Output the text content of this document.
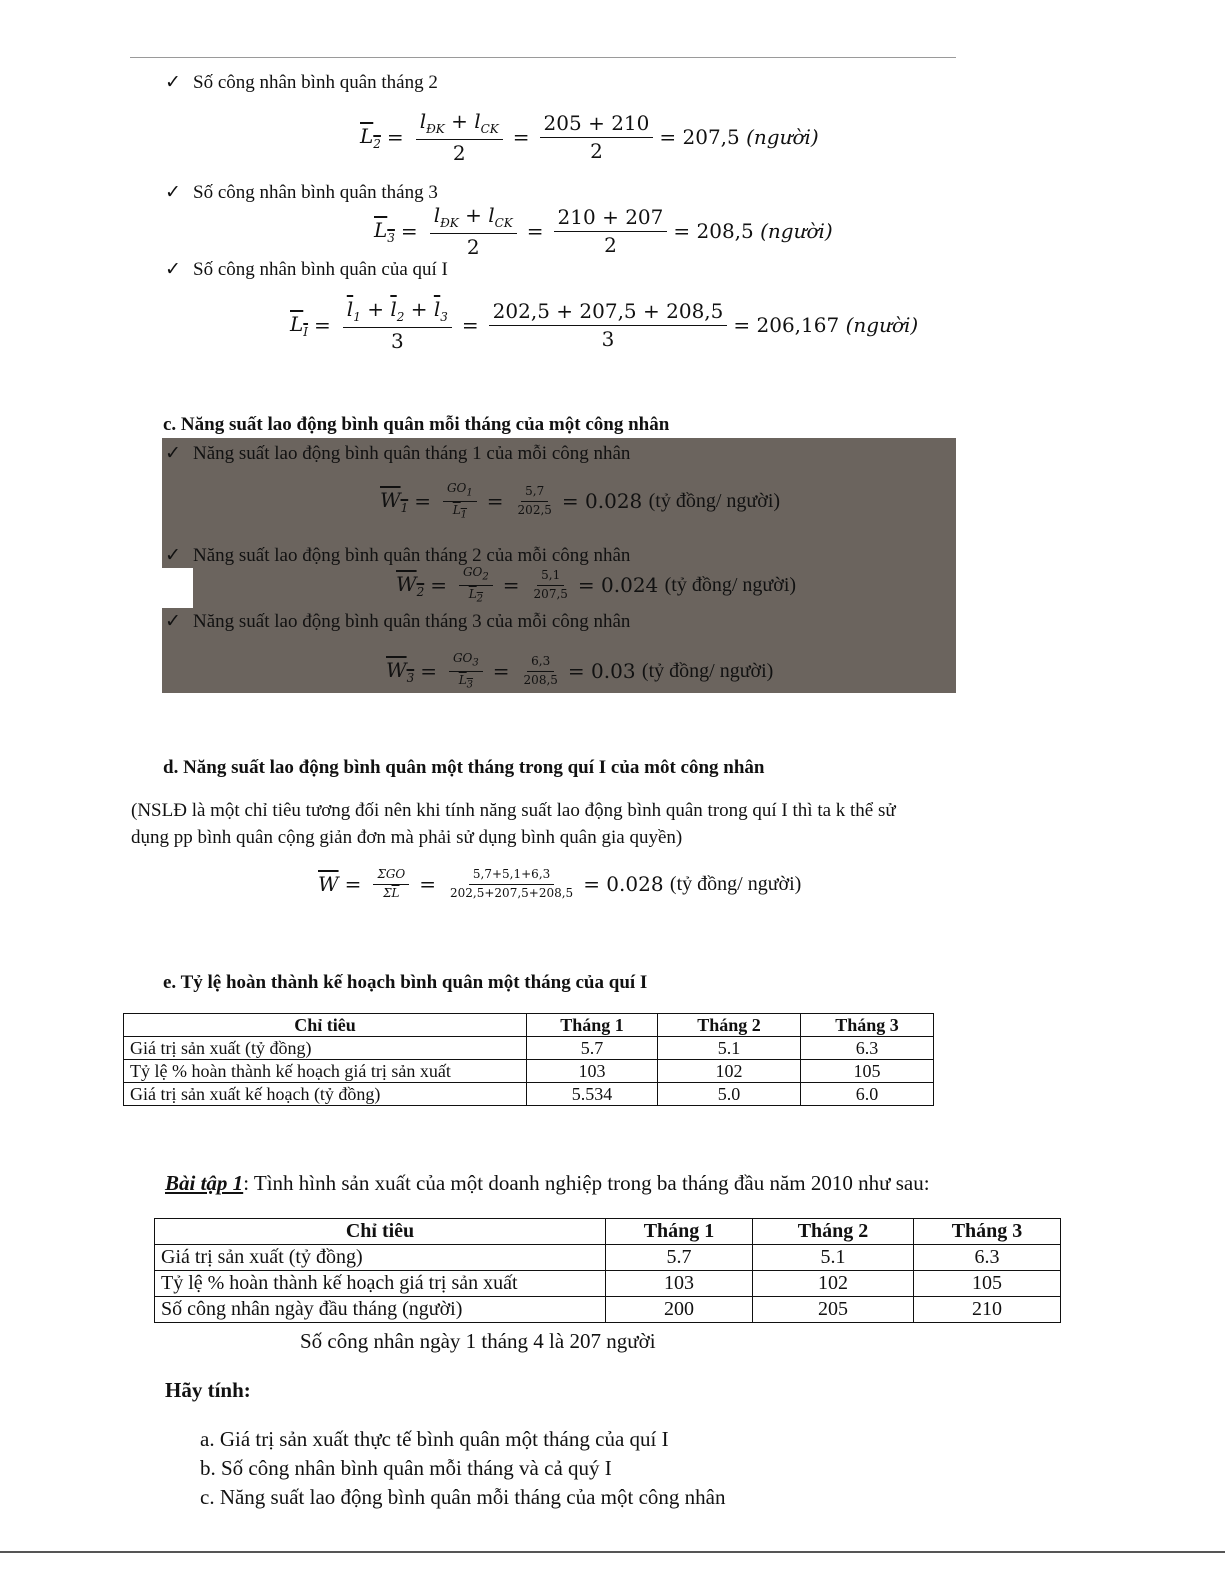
✓ Số công nhân bình quân tháng 2
$L_2 = \frac{l_{ĐK} + l_{CK}}{2} = \frac{205 + 210}{2} = 207,5$
(người)
✓ Số công nhân bình quân tháng 3
$L_3 = \frac{l_{ĐK} + l_{CK}}{2} = \frac{210 + 207}{2} = 208,5$
(người)
✓ Số công nhân bình quân của quí I
$L_I = \frac{\overline{l}_1 + \overline{l}_2 + \overline{l}_3}{3} = \frac{202,5 + 207,5 + 208,5}{3} = 206,167$
(người)
c. Năng suất lao động bình quân mỗi tháng của một công nhân
✓ Năng suất lao động bình quân tháng 1 của mỗi công nhân
$W_1 = \frac{GO_1}{L_1} = \frac{5,7}{202,5} = 0.028$
(tỷ đồng/ người)
✓ Năng suất lao động bình quân tháng 2 của mỗi công nhân
$W_2 = \frac{GO_2}{L_2} = \frac{5,1}{207,5} = 0.024$
(tỷ đồng/ người)
✓ Năng suất lao động bình quân tháng 3 của mỗi công nhân
$W_3 = \frac{GO_3}{L_3} = \frac{6,3}{208,5} = 0.03$
(tỷ đồng/ người)
d. Năng suất lao động bình quân một tháng trong quí I của môt công nhân
(NSLĐ là một chỉ tiêu tương đối nên khi tính năng suất lao động bình quân trong quí I thì ta k thể sử
dụng pp bình quân cộng giản đơn mà phải sử dụng bình quân gia quyền)
$\overline{W} = \frac{\text{ΣGO}}{\Sigma\overline{L}} = \frac{5,7+5,1+6,3}{202,5+207,5+208,5} = 0.028$
(tỷ đồng/ người)
e. Tỷ lệ hoàn thành kế hoạch bình quân một tháng của quí I
Chỉ tiêu	Tháng 1	Tháng 2	Tháng 3
Giá trị sản xuất (tỷ đồng)	5.7	5.1	6.3
Tỷ lệ % hoàn thành kế hoạch giá trị sản xuất	103	102	105
Giá trị sản xuất kế hoạch (tỷ đồng)	5.534	5.0	6.0
Bài tập 1: Tình hình sản xuất của một doanh nghiệp trong ba tháng đầu năm 2010 như sau:
Chỉ tiêu	Tháng 1	Tháng 2	Tháng 3
Giá trị sản xuất (tỷ đồng)	5.7	5.1	6.3
Tỷ lệ % hoàn thành kế hoạch giá trị sản xuất	103	102	105
Số công nhân ngày đầu tháng (người)	200	205	210
Số công nhân ngày 1 tháng 4 là 207 người
Hãy tính:
a. Giá trị sản xuất thực tế bình quân một tháng của quí I
b. Số công nhân bình quân mỗi tháng và cả quý I
c. Năng suất lao động bình quân mỗi tháng của một công nhân
